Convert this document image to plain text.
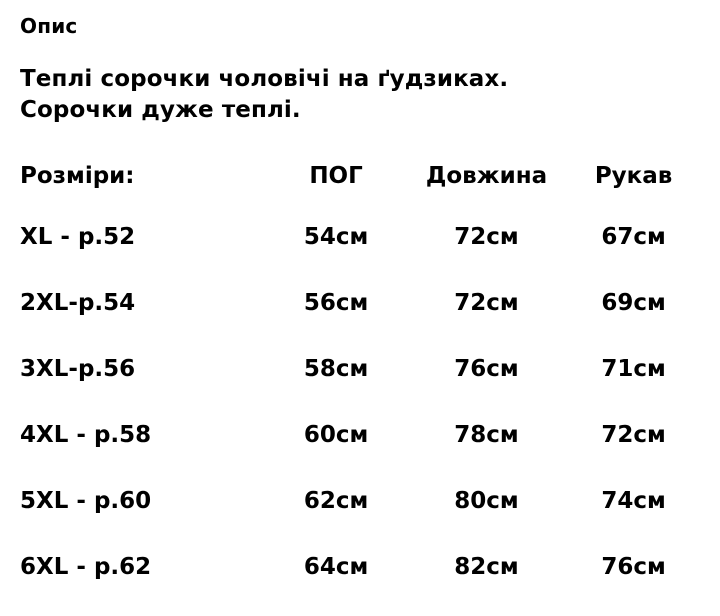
Опис

Теплі сорочки чоловічі на ґудзиках.
Сорочки дуже теплі.

Розміри:	ПОГ	Довжина	Рукав
XL - р.52	54см	72см	67см
2XL-р.54	56см	72см	69см
3XL-р.56	58см	76см	71см
4XL - р.58	60см	78см	72см
5XL - р.60	62см	80см	74см
6XL - р.62	64см	82см	76см
